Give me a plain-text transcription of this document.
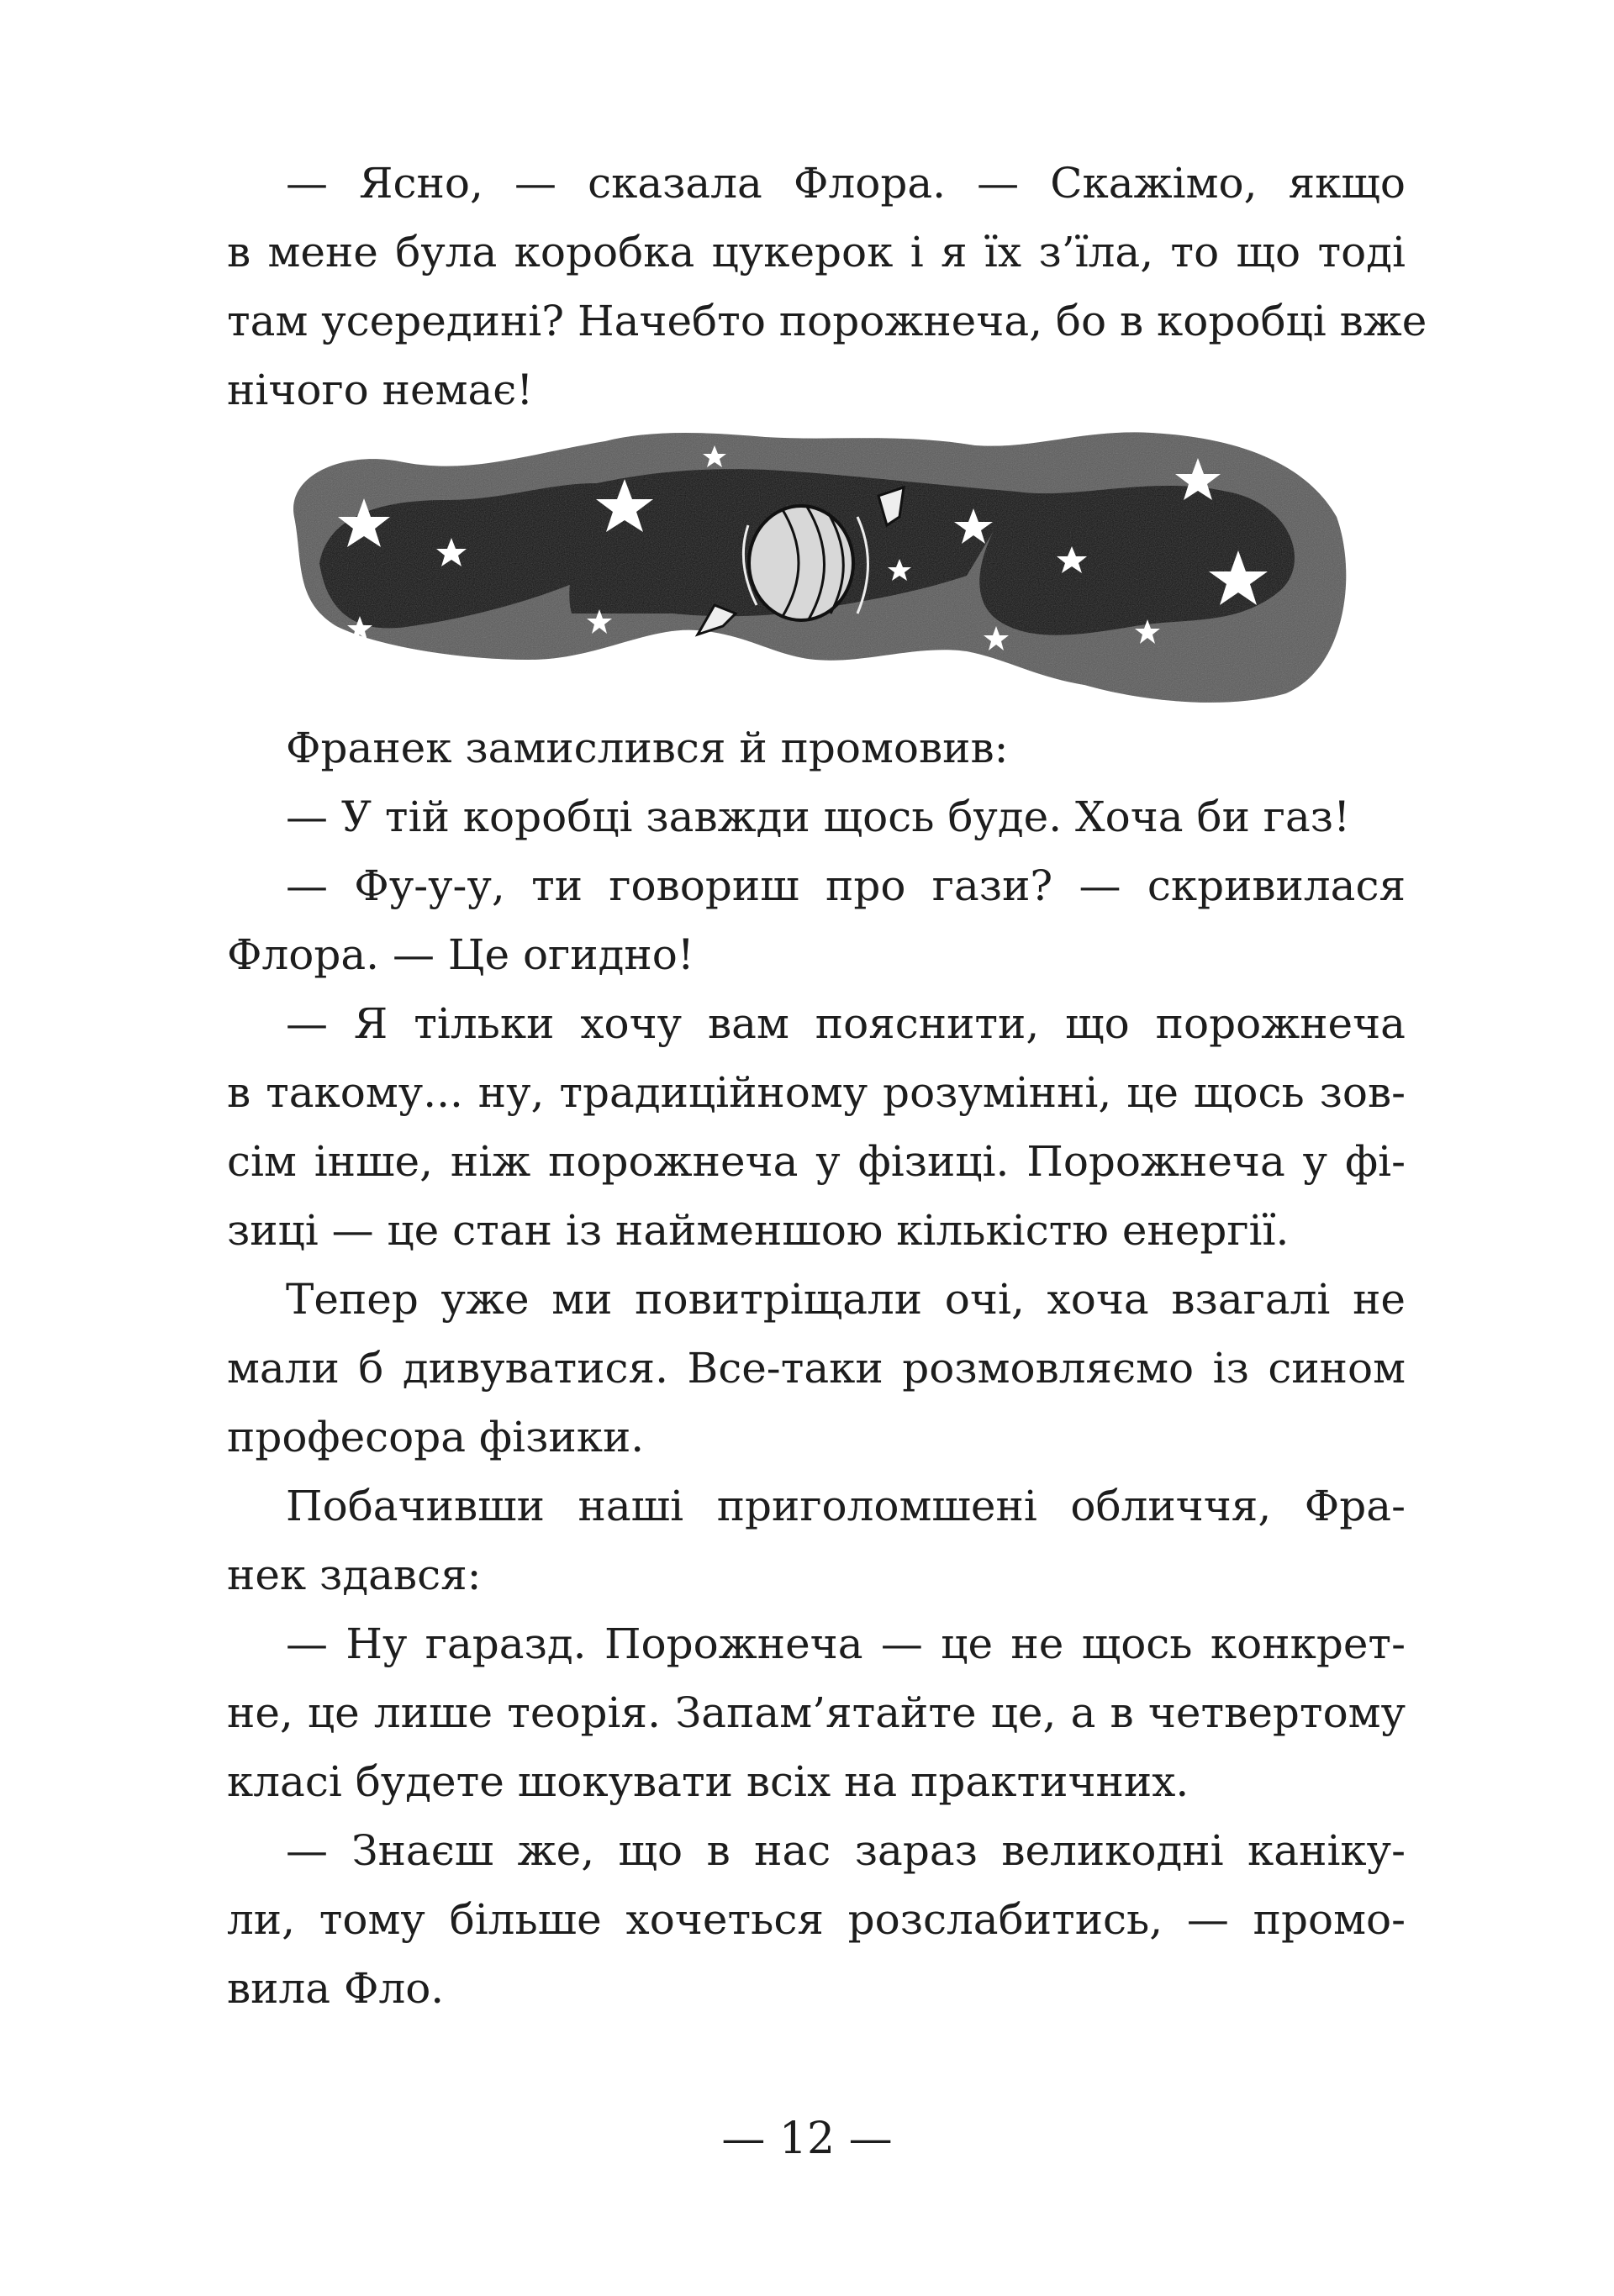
— Ясно, — сказала Флора. — Скажімо, якщо
в мене була коробка цукерок і я їх з’їла, то що тоді
там усередині? Начебто порожнеча, бо в коробці вже
нічого немає!
Франек замислився й промовив:
— У тій коробці завжди щось буде. Хоча би газ!
— Фу-у-у, ти говориш про гази? — скривилася
Флора. — Це огидно!
— Я тільки хочу вам пояснити, що порожнеча
в такому... ну, традиційному розумінні, це щось зов-
сім інше, ніж порожнеча у фізиці. Порожнеча у фі-
зиці — це стан із найменшою кількістю енергії.
Тепер уже ми повитріщали очі, хоча взагалі не
мали б дивуватися. Все-таки розмовляємо із сином
професора фізики.
Побачивши наші приголомшені обличчя, Фра-
нек здався:
— Ну гаразд. Порожнеча — це не щось конкрет-
не, це лише теорія. Запам’ятайте це, а в четвертому
класі будете шокувати всіх на практичних.
— Знаєш же, що в нас зараз великодні каніку-
ли, тому більше хочеться розслабитись, — промо-
вила Фло.
— 12 —
